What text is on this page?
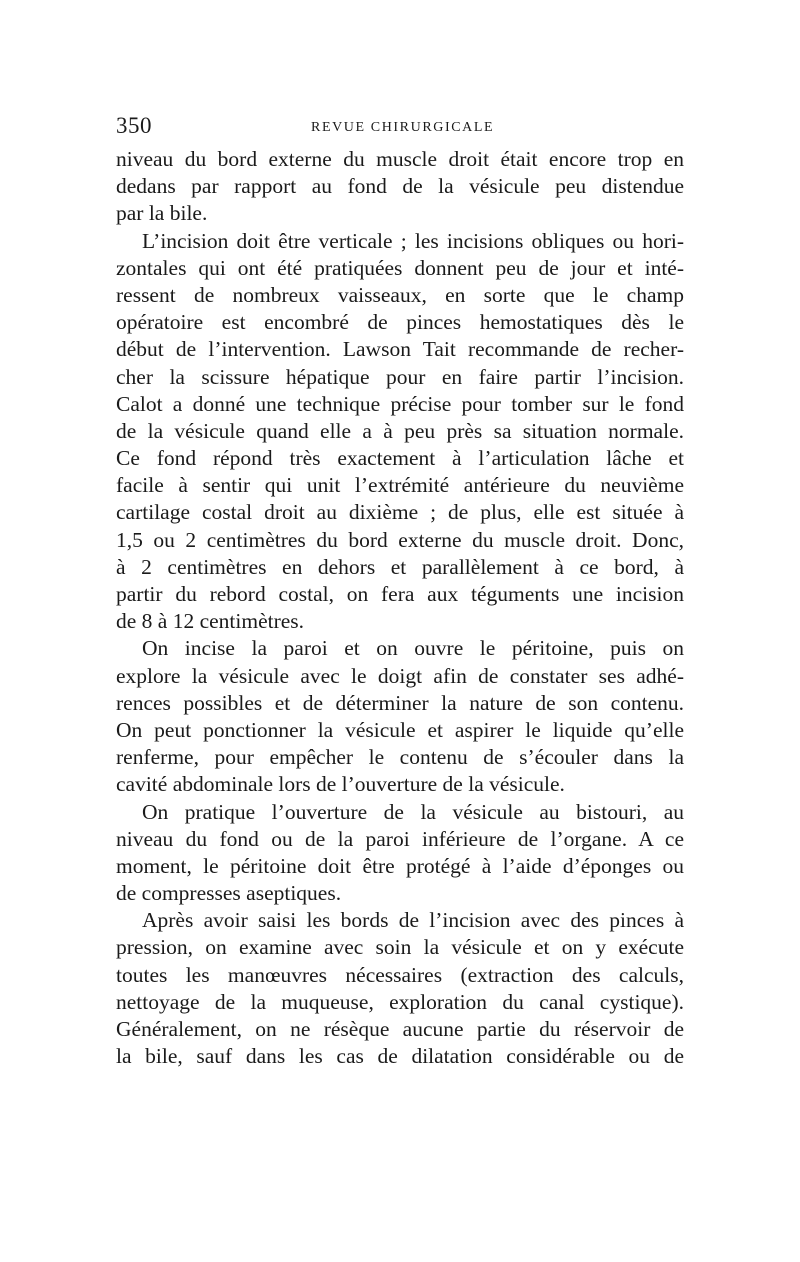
350	REVUE CHIRURGICALE
niveau du bord externe du muscle droit était encore trop en
dedans par rapport au fond de la vésicule peu distendue
par la bile.
L’incision doit être verticale ; les incisions obliques ou hori-
zontales qui ont été pratiquées donnent peu de jour et inté-
ressent de nombreux vaisseaux, en sorte que le champ
opératoire est encombré de pinces hemostatiques dès le
début de l’intervention. Lawson Tait recommande de recher-
cher la scissure hépatique pour en faire partir l’incision.
Calot a donné une technique précise pour tomber sur le fond
de la vésicule quand elle a à peu près sa situation normale.
Ce fond répond très exactement à l’articulation lâche et
facile à sentir qui unit l’extrémité antérieure du neuvième
cartilage costal droit au dixième ; de plus, elle est située à
1,5 ou 2 centimètres du bord externe du muscle droit. Donc,
à 2 centimètres en dehors et parallèlement à ce bord, à
partir du rebord costal, on fera aux téguments une incision
de 8 à 12 centimètres.
On incise la paroi et on ouvre le péritoine, puis on
explore la vésicule avec le doigt afin de constater ses adhé-
rences possibles et de déterminer la nature de son contenu.
On peut ponctionner la vésicule et aspirer le liquide qu’elle
renferme, pour empêcher le contenu de s’écouler dans la
cavité abdominale lors de l’ouverture de la vésicule.
On pratique l’ouverture de la vésicule au bistouri, au
niveau du fond ou de la paroi inférieure de l’organe. A ce
moment, le péritoine doit être protégé à l’aide d’éponges ou
de compresses aseptiques.
Après avoir saisi les bords de l’incision avec des pinces à
pression, on examine avec soin la vésicule et on y exécute
toutes les manœuvres nécessaires (extraction des calculs,
nettoyage de la muqueuse, exploration du canal cystique).
Généralement, on ne résèque aucune partie du réservoir de
la bile, sauf dans les cas de dilatation considérable ou de
